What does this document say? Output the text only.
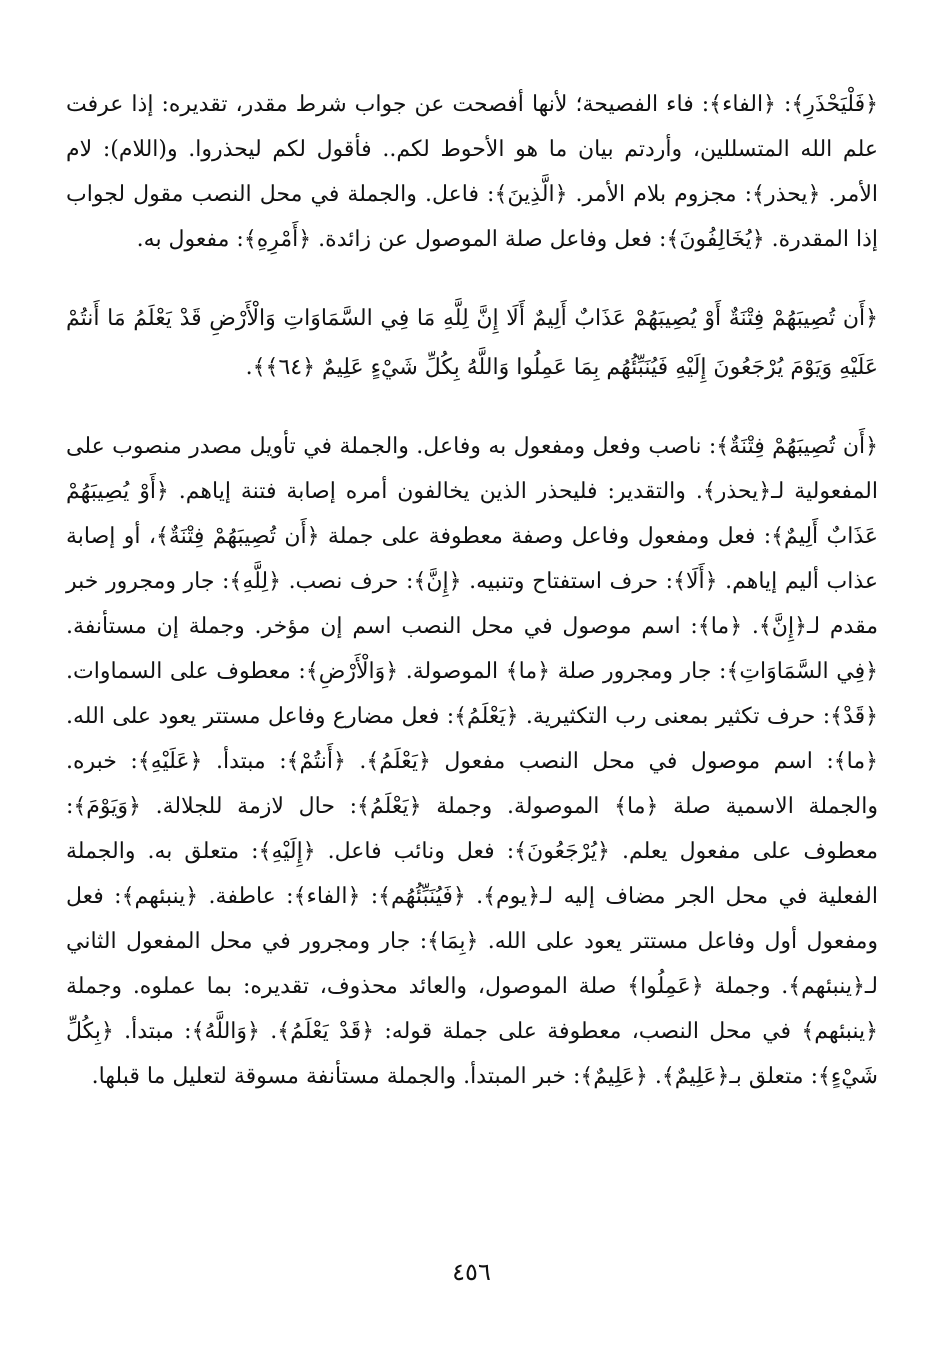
﴿فَلْيَحْذَرِ﴾: ﴿الفاء﴾: فاء الفصيحة؛ لأنها أفصحت عن جواب شرط مقدر، تقديره: إذا عرفت علم الله المتسللين، وأردتم بيان ما هو الأحوط لكم.. فأقول لكم ليحذروا. و(اللام): لام الأمر. ﴿يحذر﴾: مجزوم بلام الأمر. ﴿الَّذِينَ﴾: فاعل. والجملة في محل النصب مقول لجواب إذا المقدرة. ﴿يُخَالِفُونَ﴾: فعل وفاعل صلة الموصول عن زائدة. ﴿أَمْرِهِ﴾: مفعول به.

﴿أَن تُصِيبَهُمْ فِتْنَةٌ أَوْ يُصِيبَهُمْ عَذَابٌ أَلِيمٌ أَلَا إِنَّ لِلَّهِ مَا فِي السَّمَاوَاتِ وَالْأَرْضِ قَدْ يَعْلَمُ مَا أَنتُمْ عَلَيْهِ وَيَوْمَ يُرْجَعُونَ إِلَيْهِ فَيُنَبِّئُهُم بِمَا عَمِلُوا وَاللَّهُ بِكُلِّ شَيْءٍ عَلِيمٌ ﴿٦٤﴾﴾.

﴿أَن تُصِيبَهُمْ فِتْنَةٌ﴾: ناصب وفعل ومفعول به وفاعل. والجملة في تأويل مصدر منصوب على المفعولية لـ﴿يحذر﴾. والتقدير: فليحذر الذين يخالفون أمره إصابة فتنة إياهم. ﴿أَوْ يُصِيبَهُمْ عَذَابٌ أَلِيمٌ﴾: فعل ومفعول وفاعل وصفة معطوفة على جملة ﴿أَن تُصِيبَهُمْ فِتْنَةٌ﴾، أو إصابة عذاب أليم إياهم. ﴿أَلَا﴾: حرف استفتاح وتنبيه. ﴿إِنَّ﴾: حرف نصب. ﴿لِلَّهِ﴾: جار ومجرور خبر مقدم لـ﴿إِنَّ﴾. ﴿ما﴾: اسم موصول في محل النصب اسم إن مؤخر. وجملة إن مستأنفة. ﴿فِي السَّمَاوَاتِ﴾: جار ومجرور صلة ﴿ما﴾ الموصولة. ﴿وَالْأَرْضِ﴾: معطوف على السماوات. ﴿قَدْ﴾: حرف تكثير بمعنى رب التكثيرية. ﴿يَعْلَمُ﴾: فعل مضارع وفاعل مستتر يعود على الله. ﴿ما﴾: اسم موصول في محل النصب مفعول ﴿يَعْلَمُ﴾. ﴿أَنتُمْ﴾: مبتدأ. ﴿عَلَيْهِ﴾: خبره. والجملة الاسمية صلة ﴿ما﴾ الموصولة. وجملة ﴿يَعْلَمُ﴾: حال لازمة للجلالة. ﴿وَيَوْمَ﴾: معطوف على مفعول يعلم. ﴿يُرْجَعُونَ﴾: فعل ونائب فاعل. ﴿إِلَيْهِ﴾: متعلق به. والجملة الفعلية في محل الجر مضاف إليه لـ﴿يوم﴾. ﴿فَيُنَبِّئُهُم﴾: ﴿الفاء﴾: عاطفة. ﴿ينبئهم﴾: فعل ومفعول أول وفاعل مستتر يعود على الله. ﴿بِمَا﴾: جار ومجرور في محل المفعول الثاني لـ﴿ينبئهم﴾. وجملة ﴿عَمِلُوا﴾ صلة الموصول، والعائد محذوف، تقديره: بما عملوه. وجملة ﴿ينبئهم﴾ في محل النصب، معطوفة على جملة قوله: ﴿قَدْ يَعْلَمُ﴾. ﴿وَاللَّهُ﴾: مبتدأ. ﴿بِكُلِّ شَيْءٍ﴾: متعلق بـ﴿عَلِيمٌ﴾. ﴿عَلِيمٌ﴾: خبر المبتدأ. والجملة مستأنفة مسوقة لتعليل ما قبلها.

٤٥٦
